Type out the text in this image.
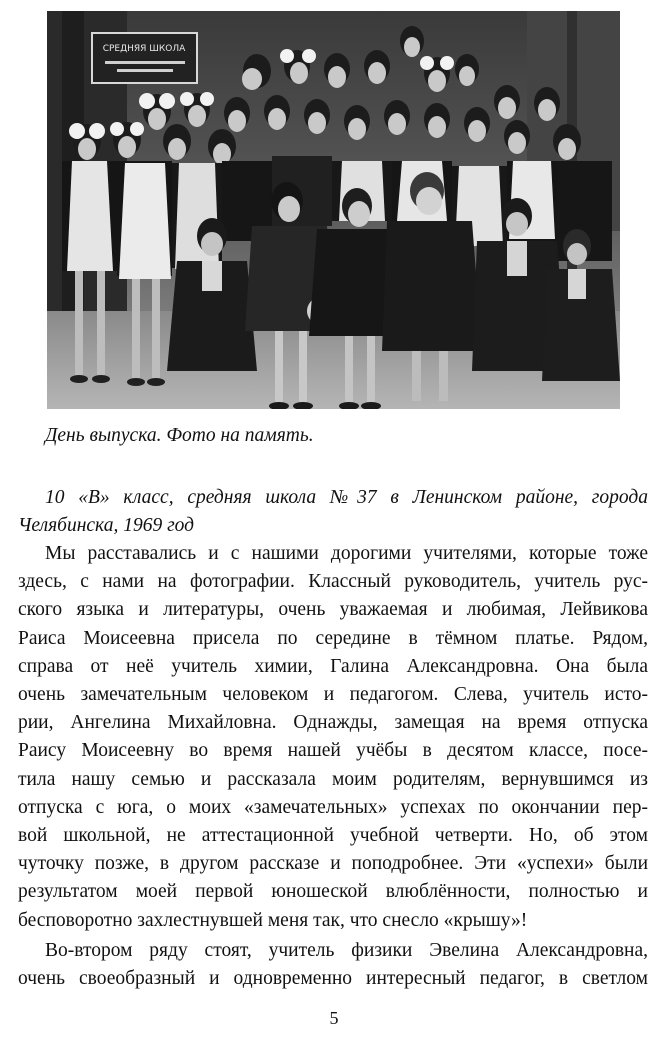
СРЕДНЯЯ ШКОЛА
День выпуска. Фото на память.
10 «В» класс, средняя школа №37 в Ленинском районе, города
Челябинска, 1969 год
Мы расставались и с нашими дорогими учителями, которые тоже
здесь, с нами на фотографии. Классный руководитель, учитель рус-
ского языка и литературы, очень уважаемая и любимая, Лейвикова
Раиса Моисеевна присела по середине в тёмном платье. Рядом,
справа от неё учитель химии, Галина Александровна. Она была
очень замечательным человеком и педагогом. Слева, учитель исто-
рии, Ангелина Михайловна. Однажды, замещая на время отпуска
Раису Моисеевну во время нашей учёбы в десятом классе, посе-
тила нашу семью и рассказала моим родителям, вернувшимся из
отпуска с юга, о моих «замечательных» успехах по окончании пер-
вой школьной, не аттестационной учебной четверти. Но, об этом
чуточку позже, в другом рассказе и поподробнее. Эти «успехи» были
результатом моей первой юношеской влюблённости, полностью и
бесповоротно захлестнувшей меня так, что снесло «крышу»!
Во-втором ряду стоят, учитель физики Эвелина Александровна,
очень своеобразный и одновременно интересный педагог, в светлом
5
